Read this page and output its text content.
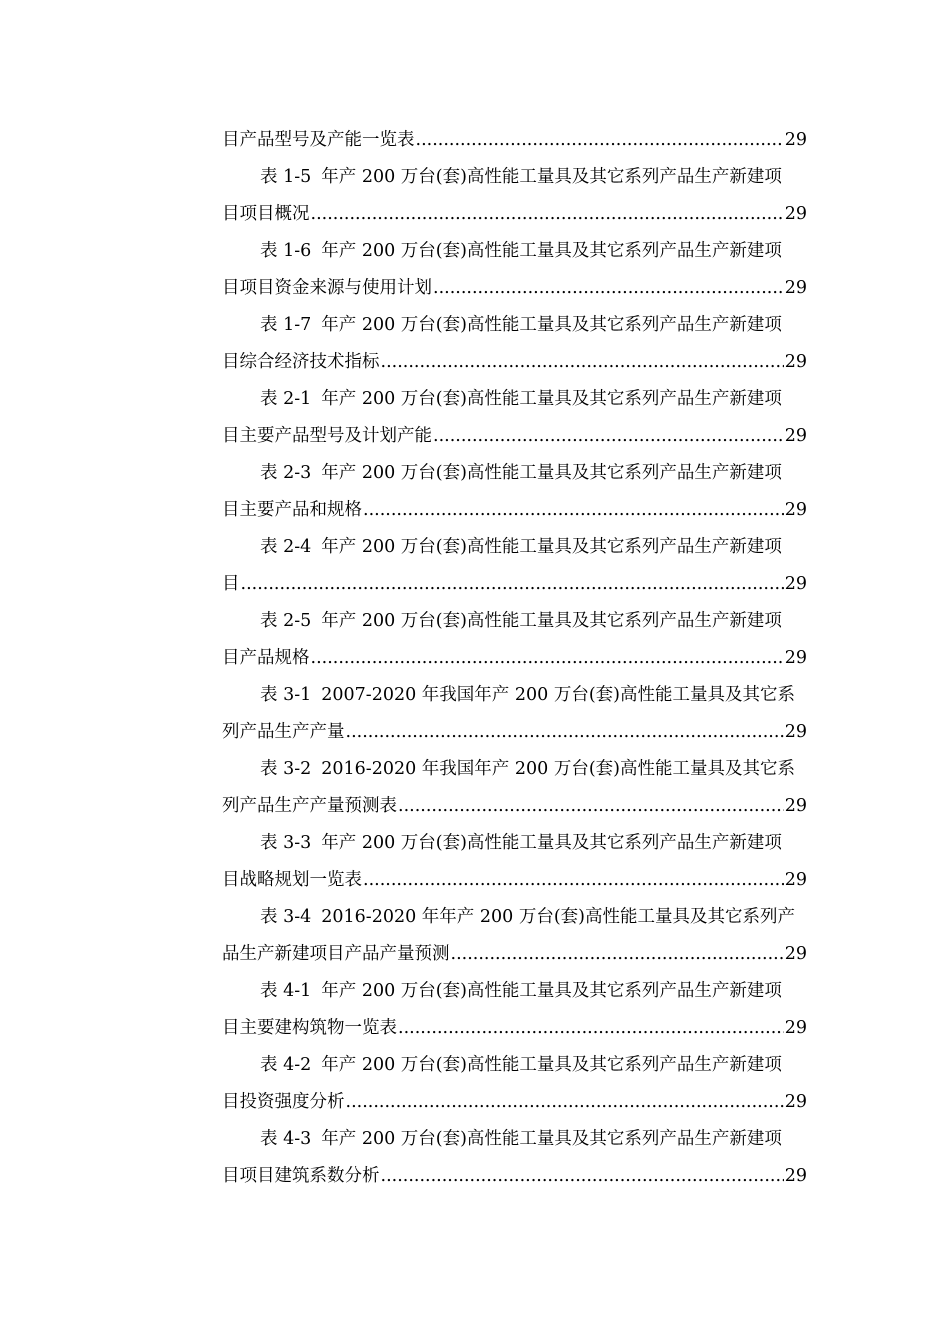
目产品型号及产能一览表 .....	29
表 1-5 年产 200 万台(套)高性能工量具及其它系列产品生产新建项
目项目概况 .....	29
表 1-6 年产 200 万台(套)高性能工量具及其它系列产品生产新建项
目项目资金来源与使用计划 .....	29
表 1-7 年产 200 万台(套)高性能工量具及其它系列产品生产新建项
目综合经济技术指标 .....	29
表 2-1 年产 200 万台(套)高性能工量具及其它系列产品生产新建项
目主要产品型号及计划产能 .....	29
表 2-3 年产 200 万台(套)高性能工量具及其它系列产品生产新建项
目主要产品和规格 .....	29
表 2-4 年产 200 万台(套)高性能工量具及其它系列产品生产新建项
目 .....	29
表 2-5 年产 200 万台(套)高性能工量具及其它系列产品生产新建项
目产品规格 .....	29
表 3-1 2007-2020 年我国年产 200 万台(套)高性能工量具及其它系
列产品生产产量 .....	29
表 3-2 2016-2020 年我国年产 200 万台(套)高性能工量具及其它系
列产品生产产量预测表 .....	29
表 3-3 年产 200 万台(套)高性能工量具及其它系列产品生产新建项
目战略规划一览表 .....	29
表 3-4 2016-2020 年年产 200 万台(套)高性能工量具及其它系列产
品生产新建项目产品产量预测 .....	29
表 4-1 年产 200 万台(套)高性能工量具及其它系列产品生产新建项
目主要建构筑物一览表 .....	29
表 4-2 年产 200 万台(套)高性能工量具及其它系列产品生产新建项
目投资强度分析 .....	29
表 4-3 年产 200 万台(套)高性能工量具及其它系列产品生产新建项
目项目建筑系数分析 .....	29
